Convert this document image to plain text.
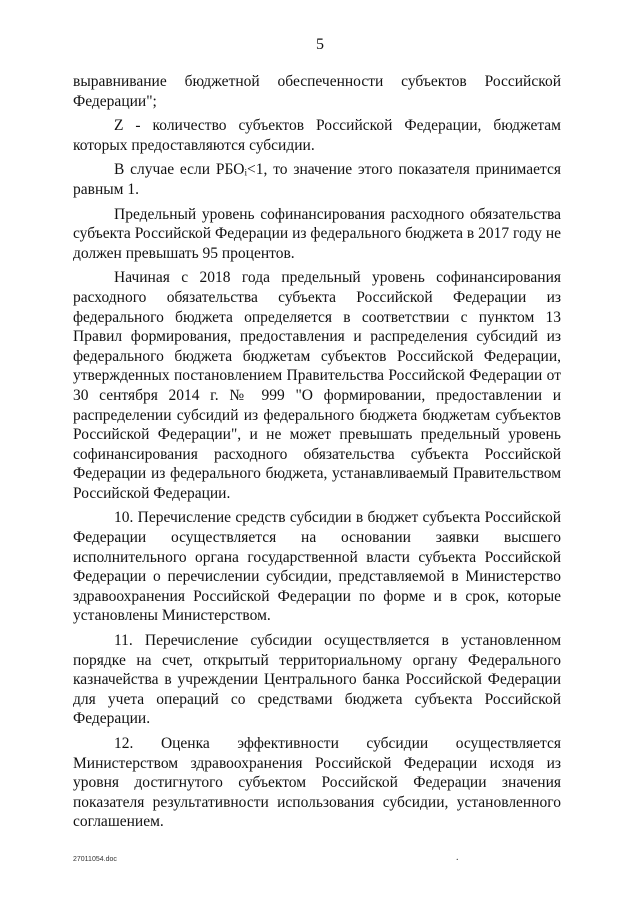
5

выравнивание бюджетной обеспеченности субъектов Российской Федерации";

Z - количество субъектов Российской Федерации, бюджетам которых предоставляются субсидии.

В случае если РБОᵢ<1, то значение этого показателя принимается равным 1.

Предельный уровень софинансирования расходного обязательства субъекта Российской Федерации из федерального бюджета в 2017 году не должен превышать 95 процентов.

Начиная с 2018 года предельный уровень софинансирования расходного обязательства субъекта Российской Федерации из федерального бюджета определяется в соответствии с пунктом 13 Правил формирования, предоставления и распределения субсидий из федерального бюджета бюджетам субъектов Российской Федерации, утвержденных постановлением Правительства Российской Федерации от 30 сентября 2014 г. № 999 "О формировании, предоставлении и распределении субсидий из федерального бюджета бюджетам субъектов Российской Федерации", и не может превышать предельный уровень софинансирования расходного обязательства субъекта Российской Федерации из федерального бюджета, устанавливаемый Правительством Российской Федерации.

10. Перечисление средств субсидии в бюджет субъекта Российской Федерации осуществляется на основании заявки высшего исполнительного органа государственной власти субъекта Российской Федерации о перечислении субсидии, представляемой в Министерство здравоохранения Российской Федерации по форме и в срок, которые установлены Министерством.

11. Перечисление субсидии осуществляется в установленном порядке на счет, открытый территориальному органу Федерального казначейства в учреждении Центрального банка Российской Федерации для учета операций со средствами бюджета субъекта Российской Федерации.

12. Оценка эффективности субсидии осуществляется Министерством здравоохранения Российской Федерации исходя из уровня достигнутого субъектом Российской Федерации значения показателя результативности использования субсидии, установленного соглашением.

27011054.doc	.
